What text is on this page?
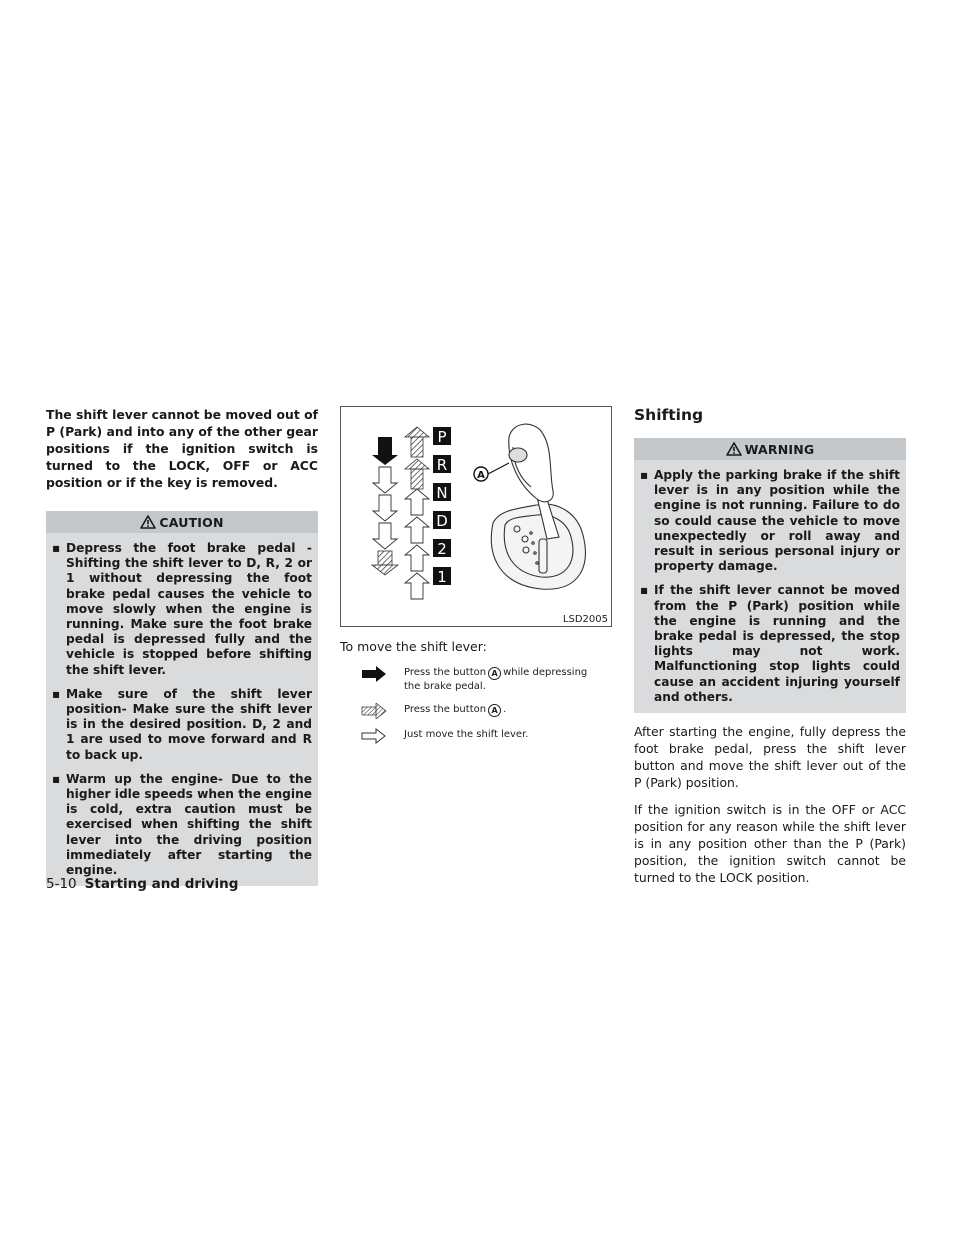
The shift lever cannot be moved out of P (Park) and into any of the other gear positions if the ignition switch is turned to the LOCK, OFF or ACC position or if the key is removed.

CAUTION

▪ Depress the foot brake pedal - Shifting the shift lever to D, R, 2 or 1 without depressing the foot brake pedal causes the vehicle to move slowly when the engine is running. Make sure the foot brake pedal is depressed fully and the vehicle is stopped before shifting the shift lever.

▪ Make sure of the shift lever position- Make sure the shift lever is in the desired position. D, 2 and 1 are used to move forward and R to back up.

▪ Warm up the engine- Due to the higher idle speeds when the engine is cold, extra caution must be exercised when shifting the shift lever into the driving position immediately after starting the engine.

P
R
N
D
2
1
A
LSD2005

To move the shift lever:

Press the button A while depressing the brake pedal.
Press the button A .
Just move the shift lever.
Shifting
WARNING

▪ Apply the parking brake if the shift lever is in any position while the engine is not running. Failure to do so could cause the vehicle to move unexpectedly or roll away and result in serious personal injury or property damage.

▪ If the shift lever cannot be moved from the P (Park) position while the engine is running and the brake pedal is depressed, the stop lights may not work. Malfunctioning stop lights could cause an accident injuring yourself and others.

After starting the engine, fully depress the foot brake pedal, press the shift lever button and move the shift lever out of the P (Park) position.

If the ignition switch is in the OFF or ACC position for any reason while the shift lever is in any position other than the P (Park) position, the ignition switch cannot be turned to the LOCK position.

5-10 Starting and driving
